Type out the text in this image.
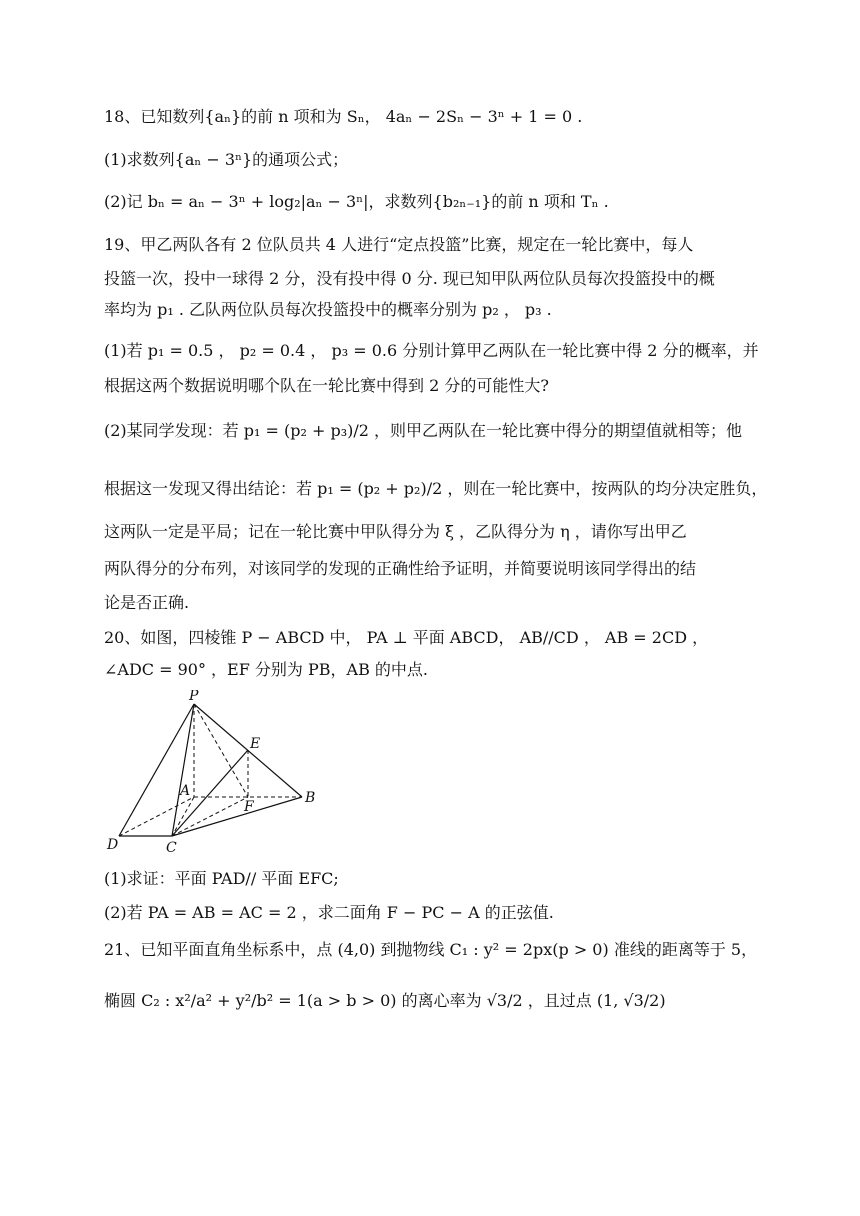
18、已知数列{aₙ}的前 n 项和为 Sₙ， 4aₙ − 2Sₙ − 3ⁿ + 1 = 0 .
(1)求数列{aₙ − 3ⁿ}的通项公式；
(2)记 bₙ = aₙ − 3ⁿ + log₂|aₙ − 3ⁿ|，求数列{b₂ₙ₋₁}的前 n 项和 Tₙ .
19、甲乙两队各有 2 位队员共 4 人进行“定点投篮”比赛，规定在一轮比赛中，每人
投篮一次，投中一球得 2 分，没有投中得 0 分. 现已知甲队两位队员每次投篮投中的概
率均为 p₁ . 乙队两位队员每次投篮投中的概率分别为 p₂ ， p₃ .
(1)若 p₁ = 0.5 ， p₂ = 0.4 ， p₃ = 0.6 分别计算甲乙两队在一轮比赛中得 2 分的概率，并
根据这两个数据说明哪个队在一轮比赛中得到 2 分的可能性大?
(2)某同学发现：若 p₁ = (p₂ + p₃)/2 ，则甲乙两队在一轮比赛中得分的期望值就相等；他
根据这一发现又得出结论：若 p₁ = (p₂ + p₂)/2 ，则在一轮比赛中，按两队的均分决定胜负，
这两队一定是平局；记在一轮比赛中甲队得分为 ξ ，乙队得分为 η ，请你写出甲乙
两队得分的分布列，对该同学的发现的正确性给予证明，并简要说明该同学得出的结
论是否正确.
20、如图，四棱锥 P − ABCD 中， PA ⊥ 平面 ABCD， AB//CD ， AB = 2CD ，
∠ADC = 90° ，EF 分别为 PB，AB 的中点.
P
E
A
F
B
D	C
(1)求证：平面 PAD// 平面 EFC;
(2)若 PA = AB = AC = 2 ，求二面角 F − PC − A 的正弦值.
21、已知平面直角坐标系中，点 (4,0) 到抛物线 C₁ : y² = 2px(p > 0) 准线的距离等于 5，
椭圆 C₂ : x²/a² + y²/b² = 1(a > b > 0) 的离心率为 √3/2 ，且过点 (1, √3/2)
